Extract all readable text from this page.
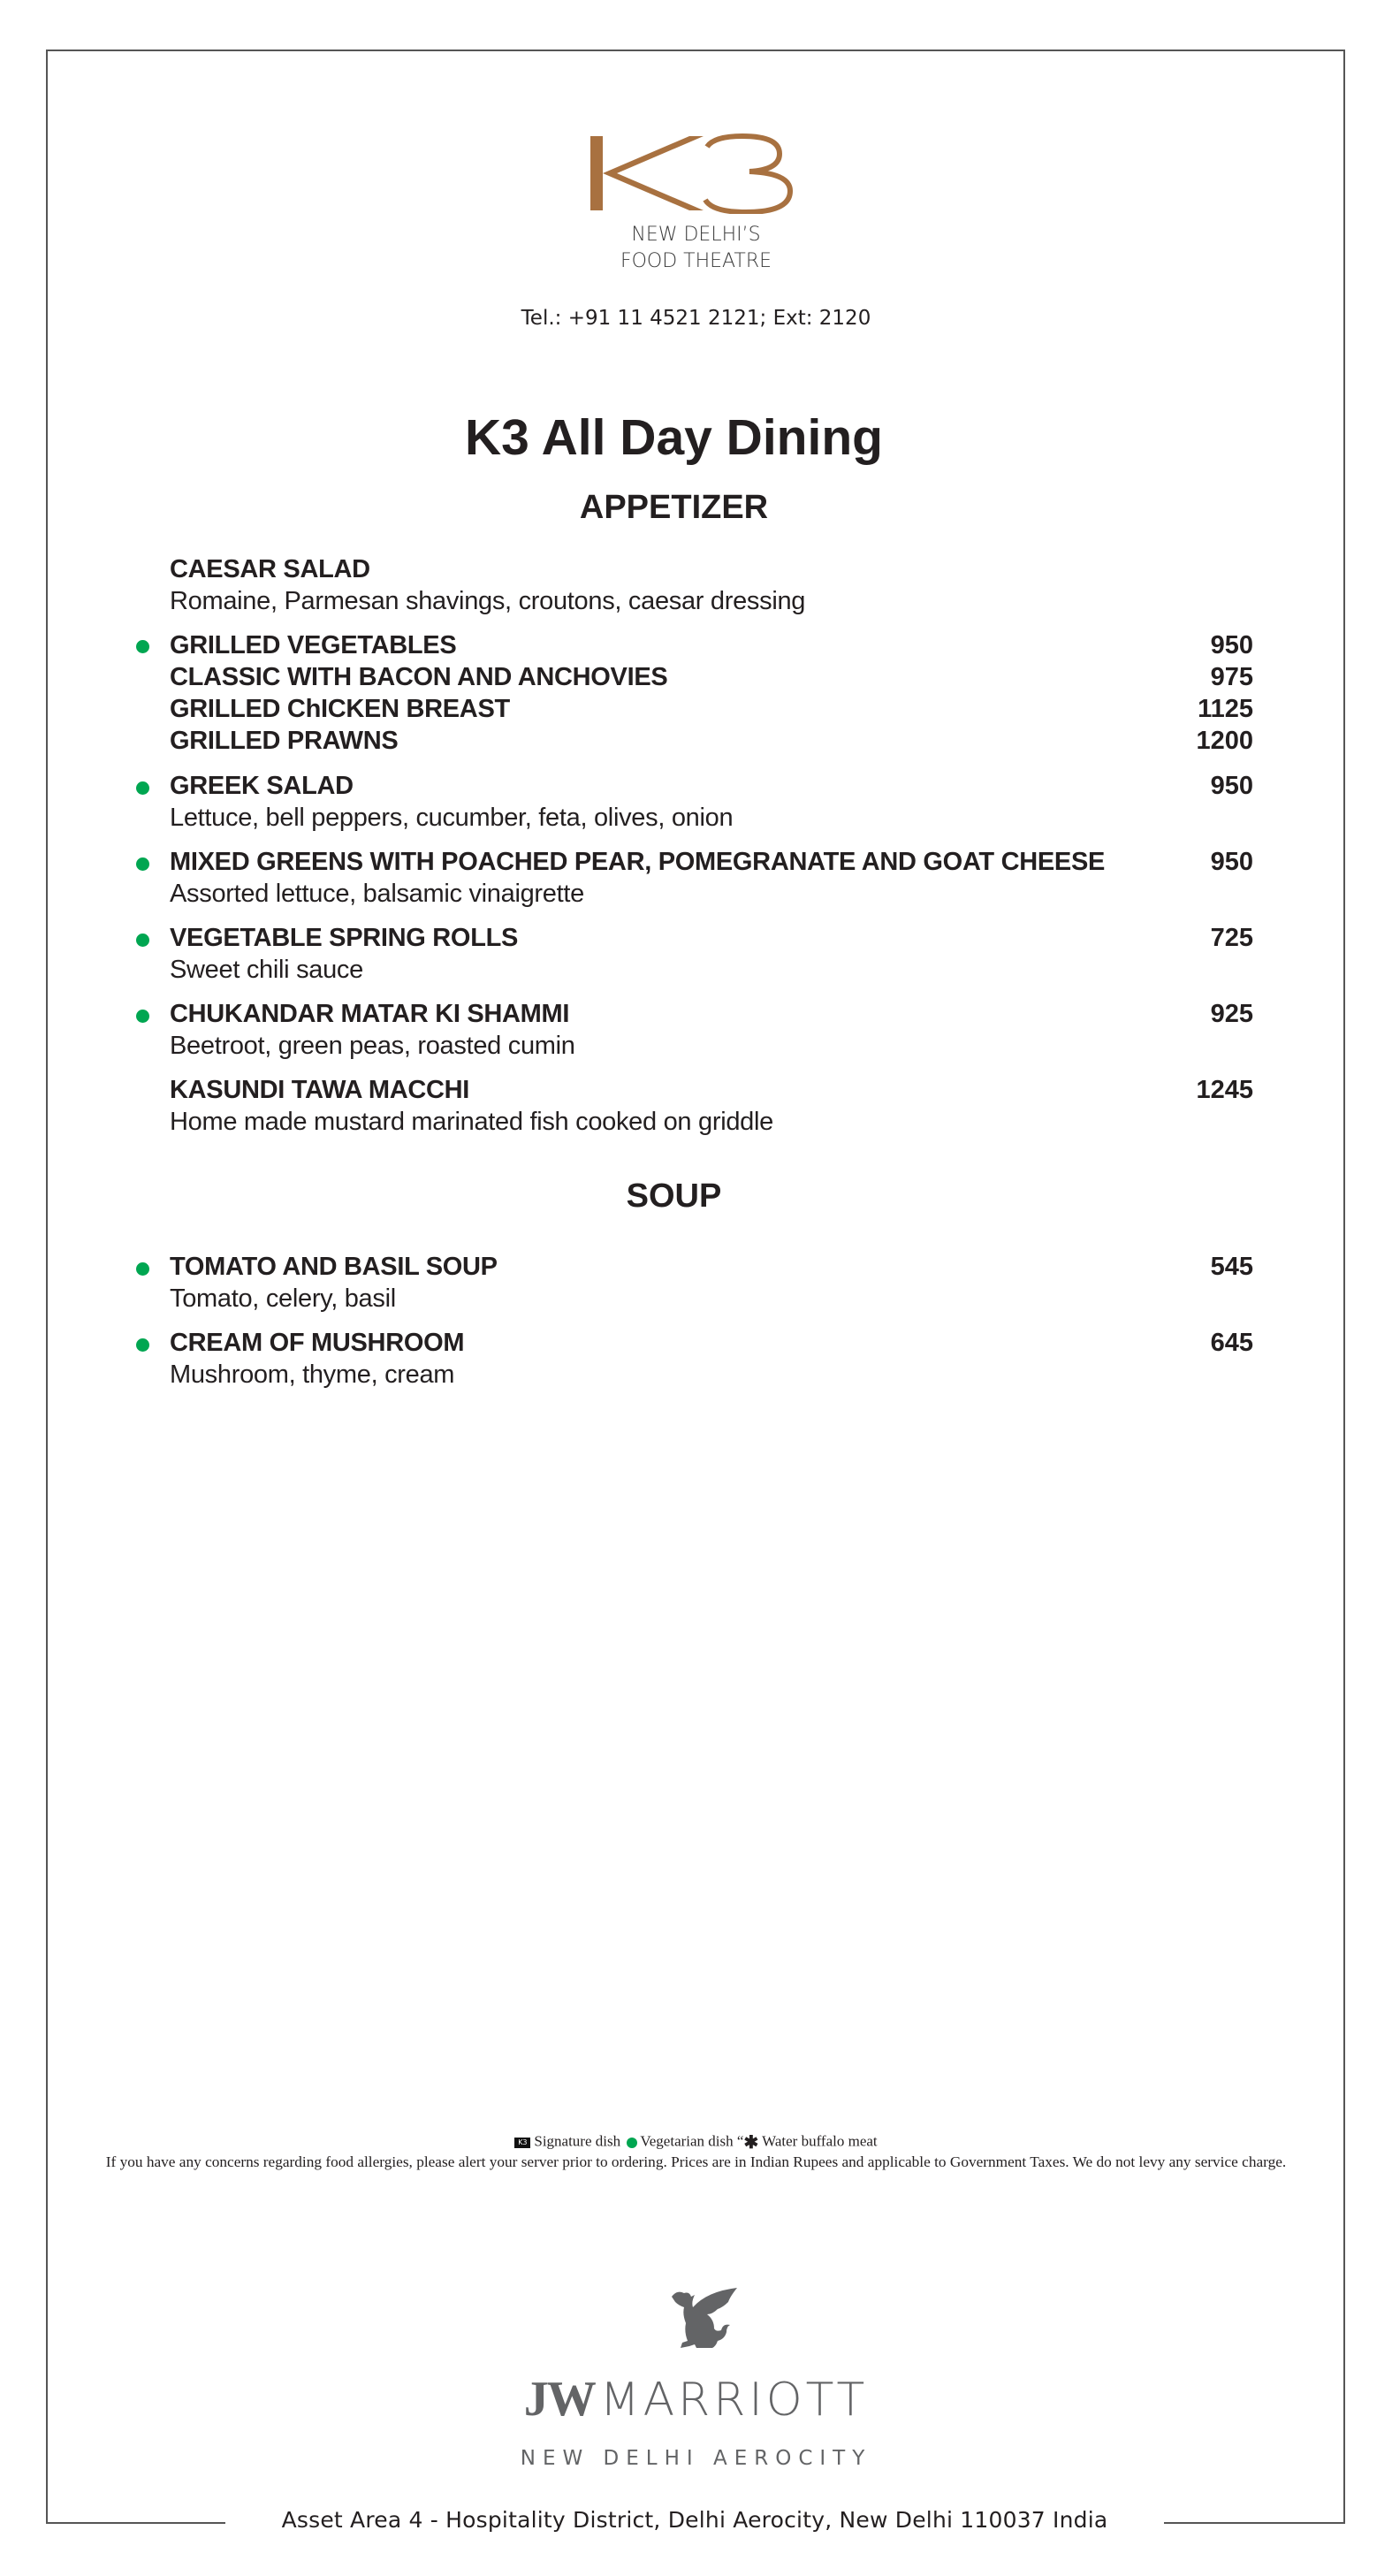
NEW DELHI’S
FOOD THEATRE
Tel.: +91 11 4521 2121; Ext: 2120
K3 All Day Dining
APPETIZER
CAESAR SALAD
Romaine, Parmesan shavings, croutons, caesar dressing
GRILLED VEGETABLES	950
CLASSIC WITH BACON AND ANCHOVIES	975
GRILLED ChICKEN BREAST	1125
GRILLED PRAWNS	1200
GREEK SALAD	950
Lettuce, bell peppers, cucumber, feta, olives, onion
MIXED GREENS WITH POACHED PEAR, POMEGRANATE AND GOAT CHEESE	950
Assorted lettuce, balsamic vinaigrette
VEGETABLE SPRING ROLLS	725
Sweet chili sauce
CHUKANDAR MATAR KI SHAMMI	925
Beetroot, green peas, roasted cumin
KASUNDI TAWA MACCHI	1245
Home made mustard marinated fish cooked on griddle
SOUP
TOMATO AND BASIL SOUP	545
Tomato, celery, basil
CREAM OF MUSHROOM	645
Mushroom, thyme, cream
K3 Signature dish Vegetarian dish “✱ Water buffalo meat
If you have any concerns regarding food allergies, please alert your server prior to ordering. Prices are in Indian Rupees and applicable to Government Taxes. We do not levy any service charge.
JW MARRIOTT
NEW DELHI AEROCITY
Asset Area 4 - Hospitality District, Delhi Aerocity, New Delhi 110037 India
